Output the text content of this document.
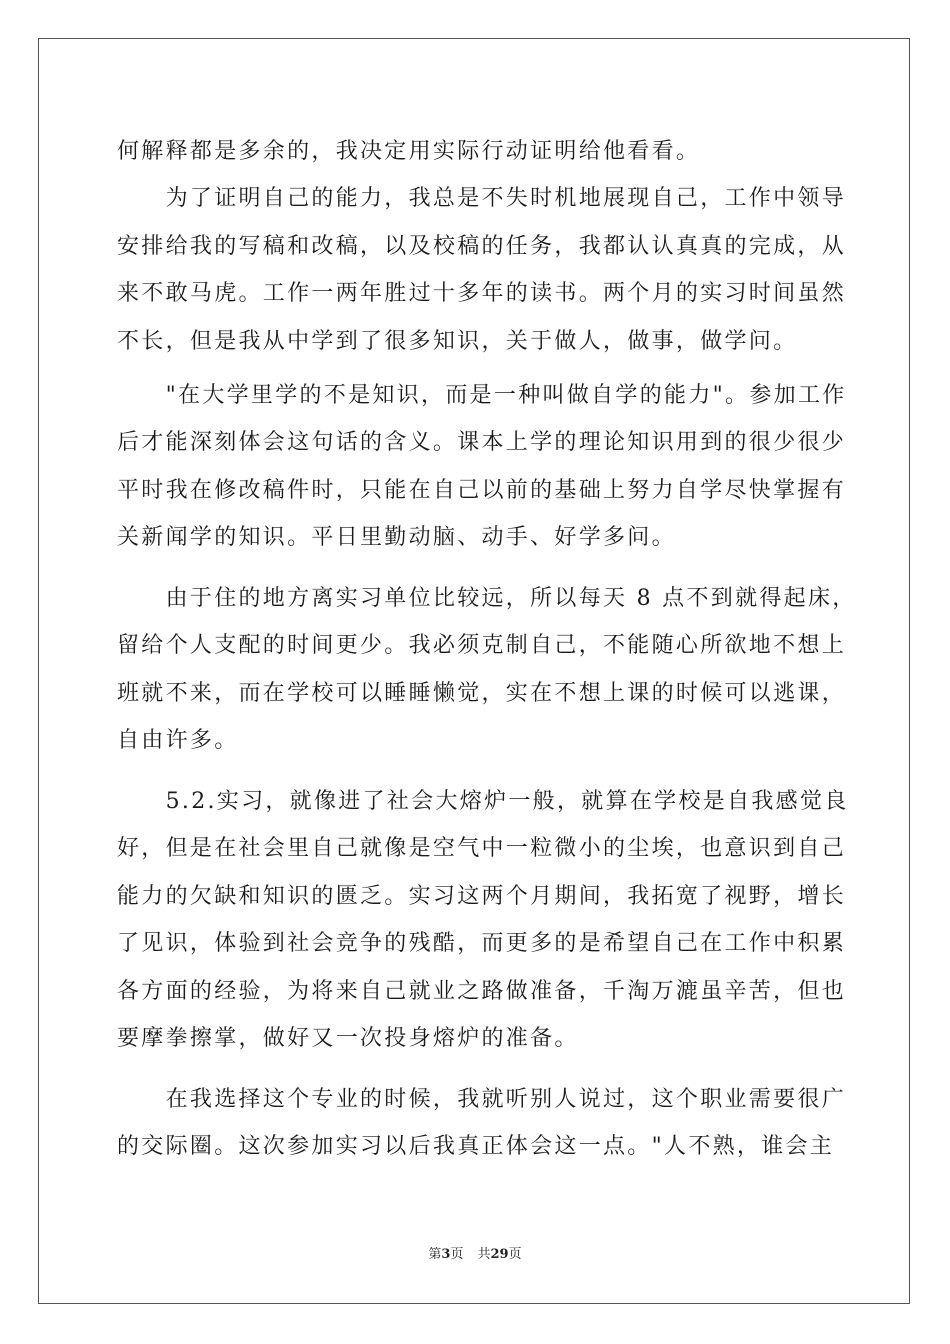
何解释都是多余的，我决定用实际行动证明给他看看。
　　为了证明自己的能力，我总是不失时机地展现自己，工作中领导
安排给我的写稿和改稿，以及校稿的任务，我都认认真真的完成，从
来不敢马虎。工作一两年胜过十多年的读书。两个月的实习时间虽然
不长，但是我从中学到了很多知识，关于做人，做事，做学问。
　　"在大学里学的不是知识，而是一种叫做自学的能力"。参加工作
后才能深刻体会这句话的含义。课本上学的理论知识用到的很少很少
平时我在修改稿件时，只能在自己以前的基础上努力自学尽快掌握有
关新闻学的知识。平日里勤动脑、动手、好学多问。
　　由于住的地方离实习单位比较远，所以每天 8 点不到就得起床，
留给个人支配的时间更少。我必须克制自己，不能随心所欲地不想上
班就不来，而在学校可以睡睡懒觉，实在不想上课的时候可以逃课，
自由许多。
　　5.2.实习，就像进了社会大熔炉一般，就算在学校是自我感觉良
好，但是在社会里自己就像是空气中一粒微小的尘埃，也意识到自己
能力的欠缺和知识的匮乏。实习这两个月期间，我拓宽了视野，增长
了见识，体验到社会竞争的残酷，而更多的是希望自己在工作中积累
各方面的经验，为将来自己就业之路做准备，千淘万漉虽辛苦，但也
要摩拳擦掌，做好又一次投身熔炉的准备。
　　在我选择这个专业的时候，我就听别人说过，这个职业需要很广
的交际圈。这次参加实习以后我真正体会这一点。"人不熟，谁会主
第3页 共29页
